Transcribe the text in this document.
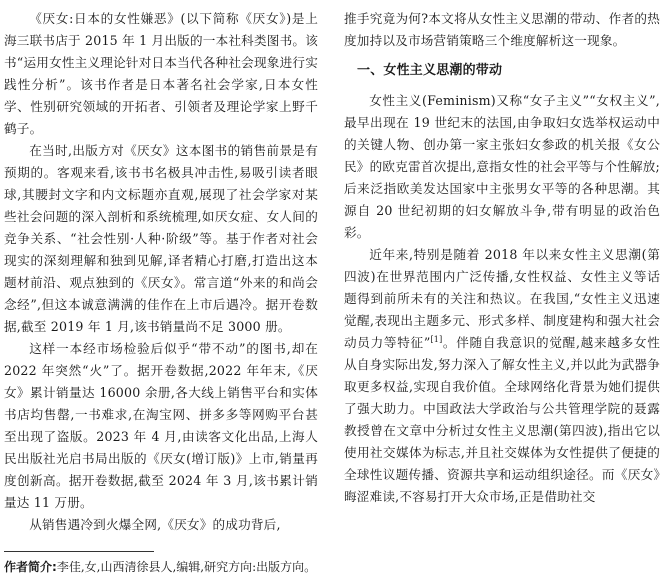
《厌女:日本的女性嫌恶》(以下简称《厌女》)是上海三联书店于 2015 年 1 月出版的一本社科类图书。该书“运用女性主义理论针对日本当代各种社会现象进行实践性分析”。该书作者是日本著名社会学家,日本女性学、性别研究领域的开拓者、引领者及理论学家上野千鹤子。

在当时,出版方对《厌女》这本图书的销售前景是有预期的。客观来看,该书书名极具冲击性,易吸引读者眼球,其腰封文字和内文标题亦直观,展现了社会学家对某些社会问题的深入剖析和系统梳理,如厌女症、女人间的竞争关系、“社会性别·人种·阶级”等。基于作者对社会现实的深刻理解和独到见解,译者精心打磨,打造出这本题材前沿、观点独到的《厌女》。常言道“外来的和尚会念经”,但这本诚意满满的佳作在上市后遇冷。据开卷数据,截至 2019 年 1 月,该书销量尚不足 3000 册。

这样一本经市场检验后似乎“带不动”的图书,却在 2022 年突然“火”了。据开卷数据,2022 年年末,《厌女》累计销量达 16000 余册,各大线上销售平台和实体书店均售罄,一书难求,在淘宝网、拼多多等网购平台甚至出现了盗版。2023 年 4 月,由读客文化出品,上海人民出版社光启书局出版的《厌女(增订版)》上市,销量再度创新高。据开卷数据,截至 2024 年 3 月,该书累计销量达 11 万册。

从销售遇冷到火爆全网,《厌女》的成功背后,

推手究竟为何?本文将从女性主义思潮的带动、作者的热度加持以及市场营销策略三个维度解析这一现象。

一、女性主义思潮的带动

女性主义(Feminism)又称“女子主义”“女权主义”,最早出现在 19 世纪末的法国,由争取妇女选举权运动中的关键人物、创办第一家主张妇女参政的机关报《女公民》的欧克雷首次提出,意指女性的社会平等与个性解放;后来泛指欧美发达国家中主张男女平等的各种思潮。其源自 20 世纪初期的妇女解放斗争,带有明显的政治色彩。

近年来,特别是随着 2018 年以来女性主义思潮(第四波)在世界范围内广泛传播,女性权益、女性主义等话题得到前所未有的关注和热议。在我国,“女性主义迅速觉醒,表现出主题多元、形式多样、制度建构和强大社会动员力等特征”[1]。伴随自我意识的觉醒,越来越多女性从自身实际出发,努力深入了解女性主义,并以此为武器争取更多权益,实现自我价值。全球网络化背景为她们提供了强大助力。中国政法大学政治与公共管理学院的聂露教授曾在文章中分析过女性主义思潮(第四波),指出它以使用社交媒体为标志,并且社交媒体为女性提供了便捷的全球性议题传播、资源共享和运动组织途径。而《厌女》晦涩难读,不容易打开大众市场,正是借助社交

作者简介:李佳,女,山西清徐县人,编辑,研究方向:出版方向。
